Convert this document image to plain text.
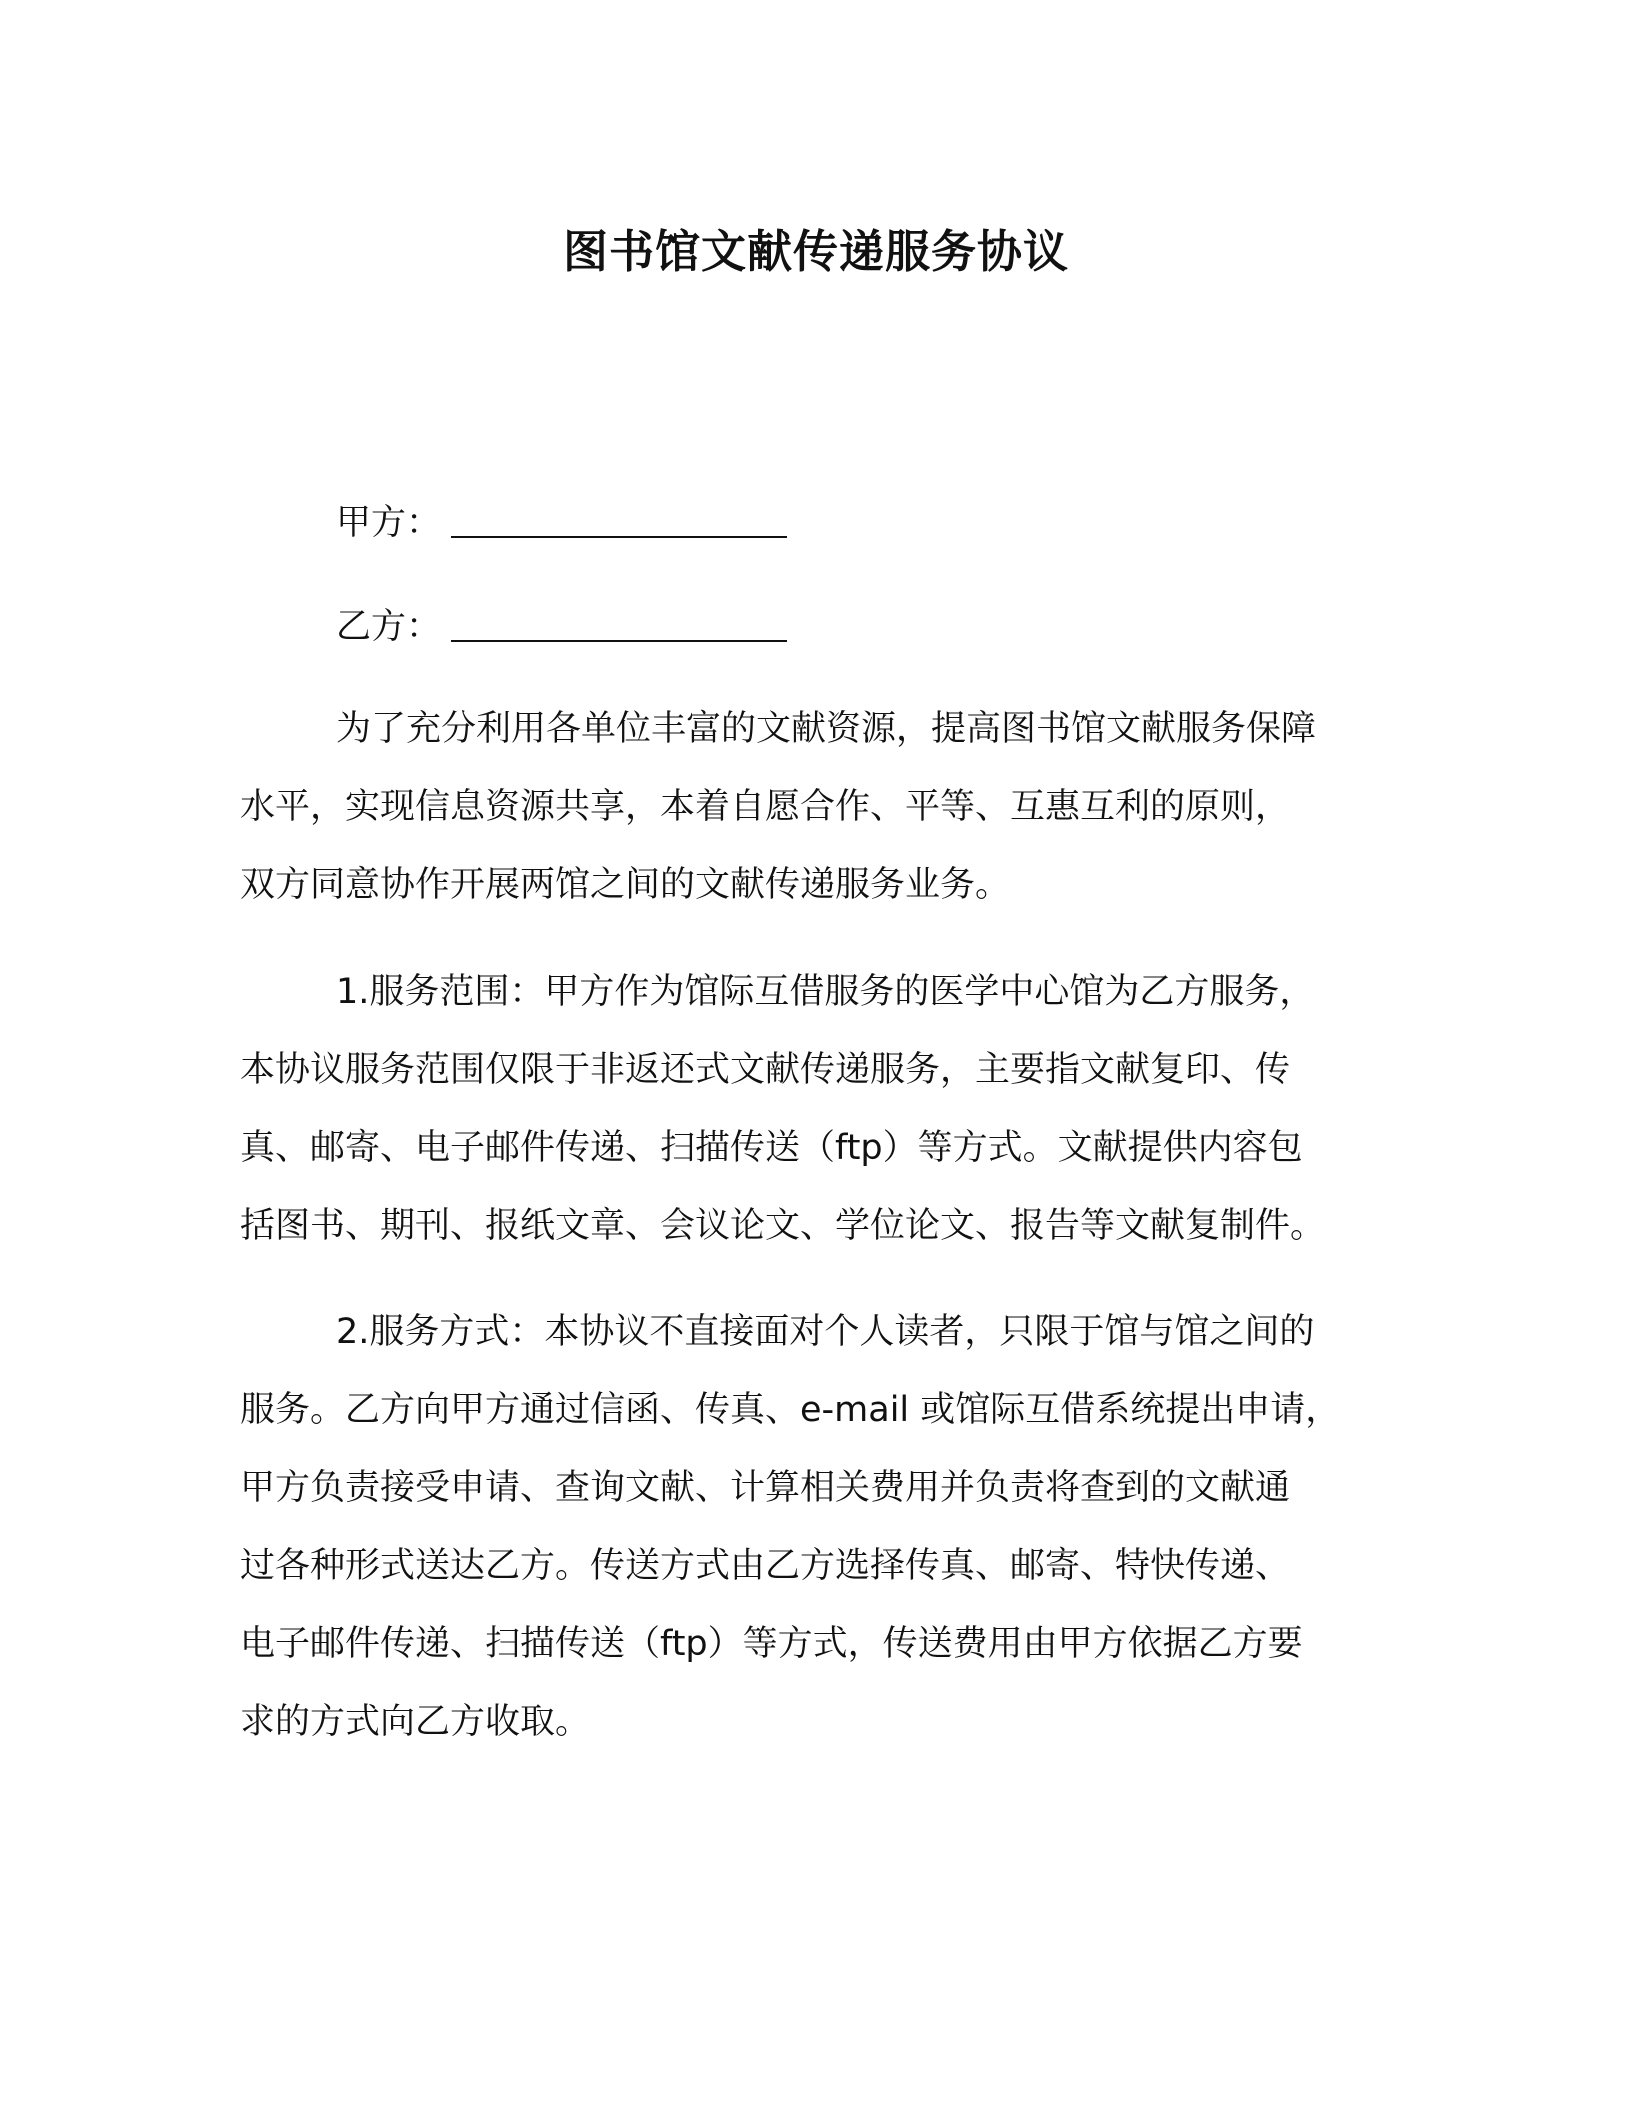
图书馆文献传递服务协议
甲方：
乙方：

为了充分利用各单位丰富的文献资源，提高图书馆文献服务保障
水平，实现信息资源共享，本着自愿合作、平等、互惠互利的原则，
双方同意协作开展两馆之间的文献传递服务业务。

1.服务范围：甲方作为馆际互借服务的医学中心馆为乙方服务，
本协议服务范围仅限于非返还式文献传递服务，主要指文献复印、传
真、邮寄、电子邮件传递、扫描传送（ftp）等方式。文献提供内容包
括图书、期刊、报纸文章、会议论文、学位论文、报告等文献复制件。

2.服务方式：本协议不直接面对个人读者，只限于馆与馆之间的
服务。乙方向甲方通过信函、传真、e-mail 或馆际互借系统提出申请，
甲方负责接受申请、查询文献、计算相关费用并负责将查到的文献通
过各种形式送达乙方。传送方式由乙方选择传真、邮寄、特快传递、
电子邮件传递、扫描传送（ftp）等方式，传送费用由甲方依据乙方要
求的方式向乙方收取。
